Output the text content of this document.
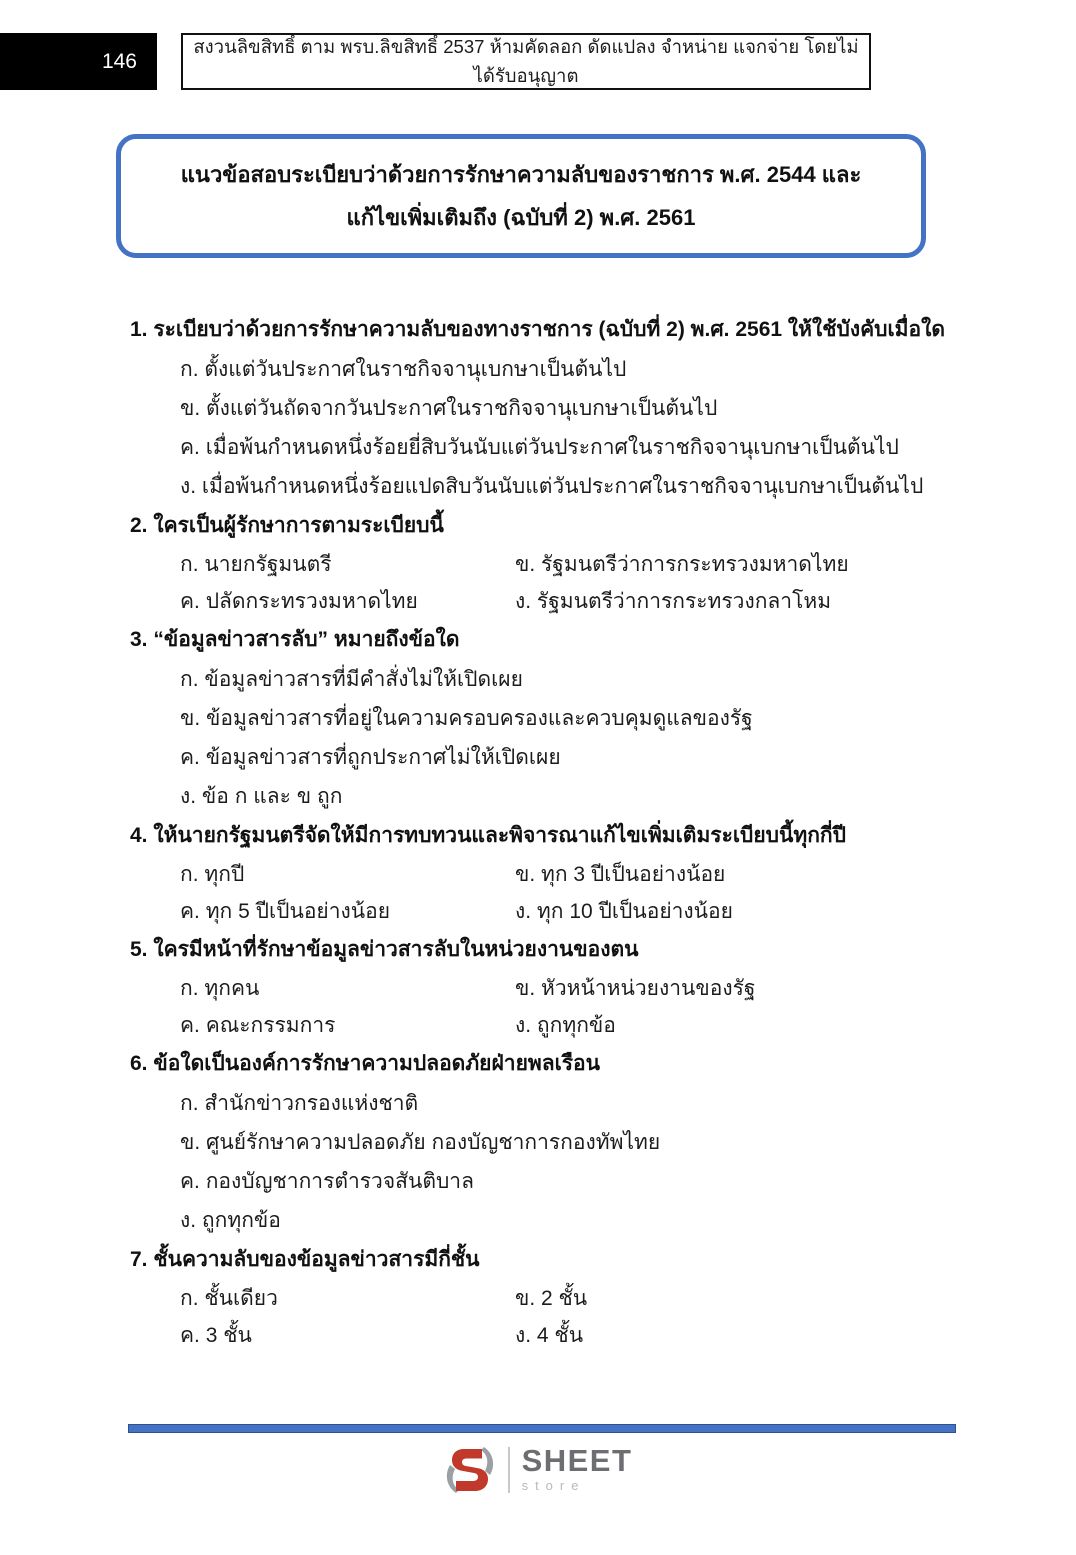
146
สงวนลิขสิทธิ์ ตาม พรบ.ลิขสิทธิ์ 2537 ห้ามคัดลอก ดัดแปลง จำหน่าย แจกจ่าย โดยไม่ได้รับอนุญาต
แนวข้อสอบระเบียบว่าด้วยการรักษาความลับของราชการ พ.ศ. 2544 และแก้ไขเพิ่มเติมถึง (ฉบับที่ 2) พ.ศ. 2561
1. ระเบียบว่าด้วยการรักษาความลับของทางราชการ (ฉบับที่ 2) พ.ศ. 2561 ให้ใช้บังคับเมื่อใด
ก. ตั้งแต่วันประกาศในราชกิจจานุเบกษาเป็นต้นไป
ข. ตั้งแต่วันถัดจากวันประกาศในราชกิจจานุเบกษาเป็นต้นไป
ค. เมื่อพ้นกำหนดหนึ่งร้อยยี่สิบวันนับแต่วันประกาศในราชกิจจานุเบกษาเป็นต้นไป
ง. เมื่อพ้นกำหนดหนึ่งร้อยแปดสิบวันนับแต่วันประกาศในราชกิจจานุเบกษาเป็นต้นไป
2. ใครเป็นผู้รักษาการตามระเบียบนี้
ก. นายกรัฐมนตรี	ข. รัฐมนตรีว่าการกระทรวงมหาดไทย
ค. ปลัดกระทรวงมหาดไทย	ง. รัฐมนตรีว่าการกระทรวงกลาโหม
3. “ข้อมูลข่าวสารลับ” หมายถึงข้อใด
ก. ข้อมูลข่าวสารที่มีคำสั่งไม่ให้เปิดเผย
ข. ข้อมูลข่าวสารที่อยู่ในความครอบครองและควบคุมดูแลของรัฐ
ค. ข้อมูลข่าวสารที่ถูกประกาศไม่ให้เปิดเผย
ง. ข้อ ก และ ข ถูก
4. ให้นายกรัฐมนตรีจัดให้มีการทบทวนและพิจารณาแก้ไขเพิ่มเติมระเบียบนี้ทุกกี่ปี
ก. ทุกปี	ข. ทุก 3 ปีเป็นอย่างน้อย
ค. ทุก 5 ปีเป็นอย่างน้อย	ง. ทุก 10 ปีเป็นอย่างน้อย
5. ใครมีหน้าที่รักษาข้อมูลข่าวสารลับในหน่วยงานของตน
ก. ทุกคน	ข. หัวหน้าหน่วยงานของรัฐ
ค. คณะกรรมการ	ง. ถูกทุกข้อ
6. ข้อใดเป็นองค์การรักษาความปลอดภัยฝ่ายพลเรือน
ก. สำนักข่าวกรองแห่งชาติ
ข. ศูนย์รักษาความปลอดภัย กองบัญชาการกองทัพไทย
ค. กองบัญชาการตำรวจสันติบาล
ง. ถูกทุกข้อ
7. ชั้นความลับของข้อมูลข่าวสารมีกี่ชั้น
ก. ชั้นเดียว	ข. 2 ชั้น
ค. 3 ชั้น	ง. 4 ชั้น
SHEET
store
